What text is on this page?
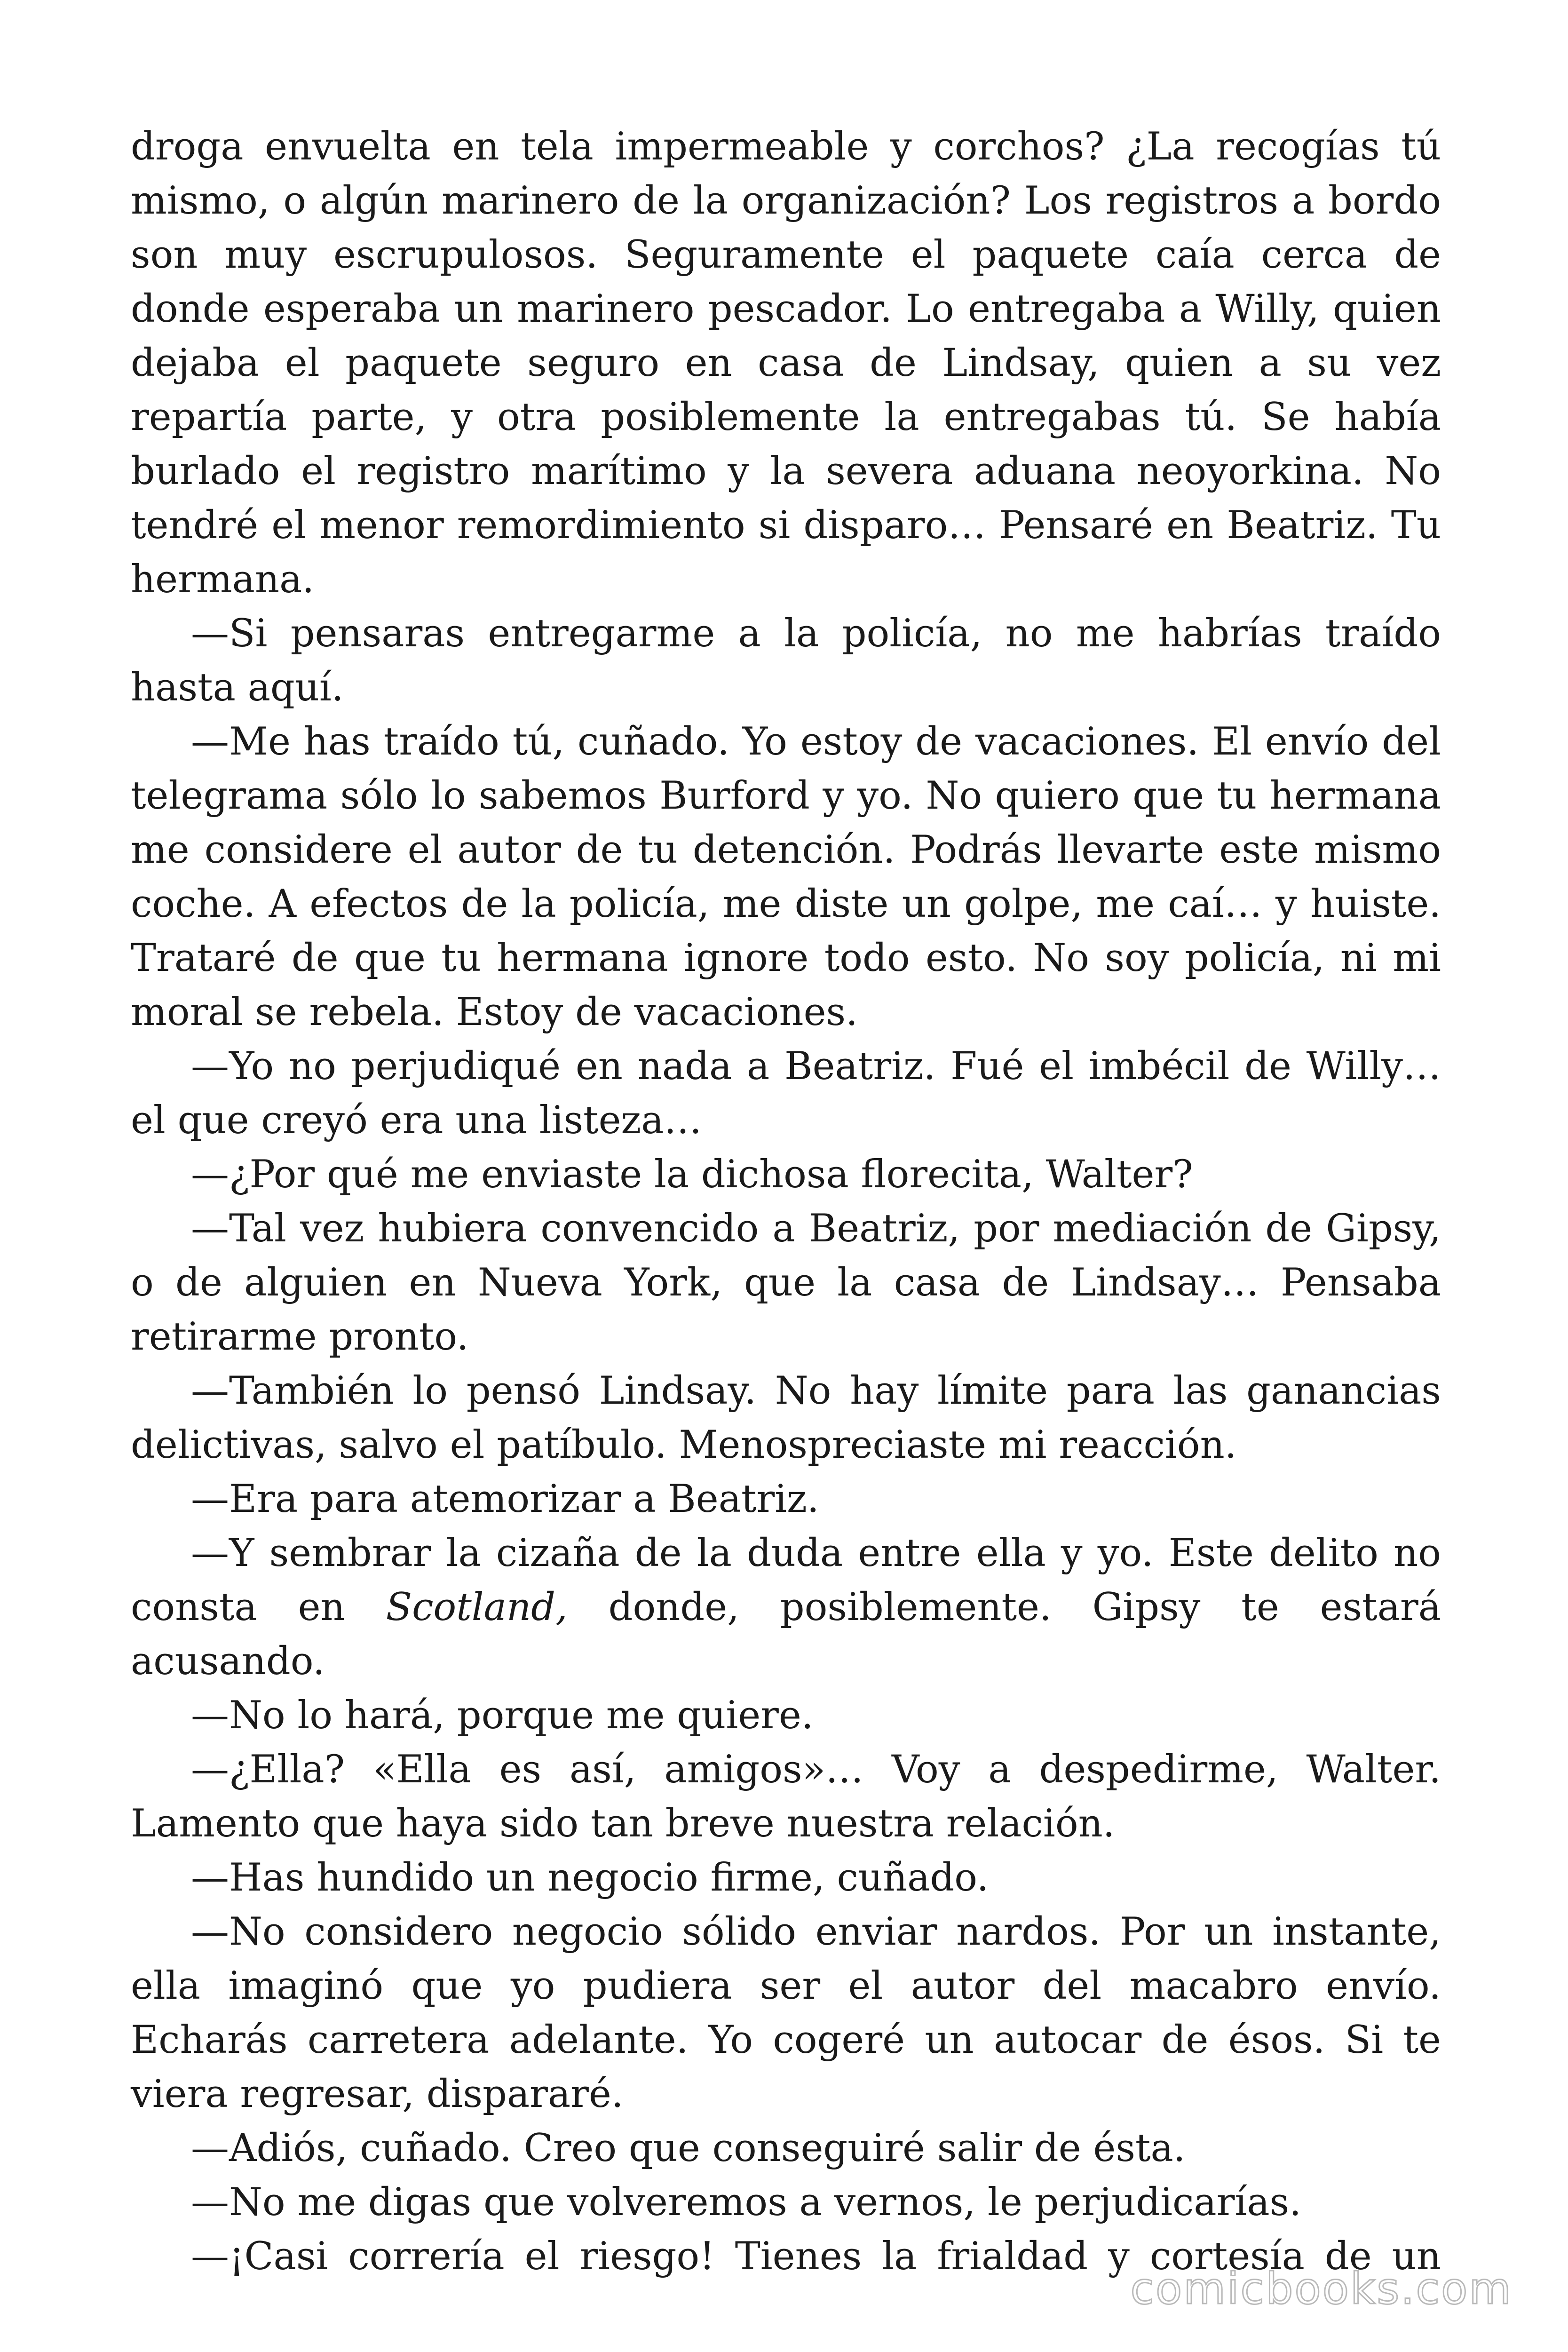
droga envuelta en tela impermeable y corchos? ¿La recogías tú mismo, o algún marinero de la organización? Los registros a bordo son muy escrupulosos. Seguramente el paquete caía cerca de donde esperaba un marinero pescador. Lo entregaba a Willy, quien dejaba el paquete seguro en casa de Lindsay, quien a su vez repartía parte, y otra posiblemente la entregabas tú. Se había burlado el registro marítimo y la severa aduana neoyorkina. No tendré el menor remordimiento si disparo… Pensaré en Beatriz. Tu hermana.

—Si pensaras entregarme a la policía, no me habrías traído hasta aquí.

—Me has traído tú, cuñado. Yo estoy de vacaciones. El envío del telegrama sólo lo sabemos Burford y yo. No quiero que tu hermana me considere el autor de tu detención. Podrás llevarte este mismo coche. A efectos de la policía, me diste un golpe, me caí… y huiste. Trataré de que tu hermana ignore todo esto. No soy policía, ni mi moral se rebela. Estoy de vacaciones.

—Yo no perjudiqué en nada a Beatriz. Fué el imbécil de Willy… el que creyó era una listeza…

—¿Por qué me enviaste la dichosa florecita, Walter?

—Tal vez hubiera convencido a Beatriz, por mediación de Gipsy, o de alguien en Nueva York, que la casa de Lindsay… Pensaba retirarme pronto.

—También lo pensó Lindsay. No hay límite para las ganancias delictivas, salvo el patíbulo. Menospreciaste mi reacción.

—Era para atemorizar a Beatriz.

—Y sembrar la cizaña de la duda entre ella y yo. Este delito no consta en Scotland, donde, posiblemente. Gipsy te estará acusando.

—No lo hará, porque me quiere.

—¿Ella? «Ella es así, amigos»… Voy a despedirme, Walter. Lamento que haya sido tan breve nuestra relación.

—Has hundido un negocio firme, cuñado.

—No considero negocio sólido enviar nardos. Por un instante, ella imaginó que yo pudiera ser el autor del macabro envío. Echarás carretera adelante. Yo cogeré un autocar de ésos. Si te viera regresar, dispararé.

—Adiós, cuñado. Creo que conseguiré salir de ésta.

—No me digas que volveremos a vernos, le perjudicarías.

—¡Casi correría el riesgo! Tienes la frialdad y cortesía de un

comicbooks.com
